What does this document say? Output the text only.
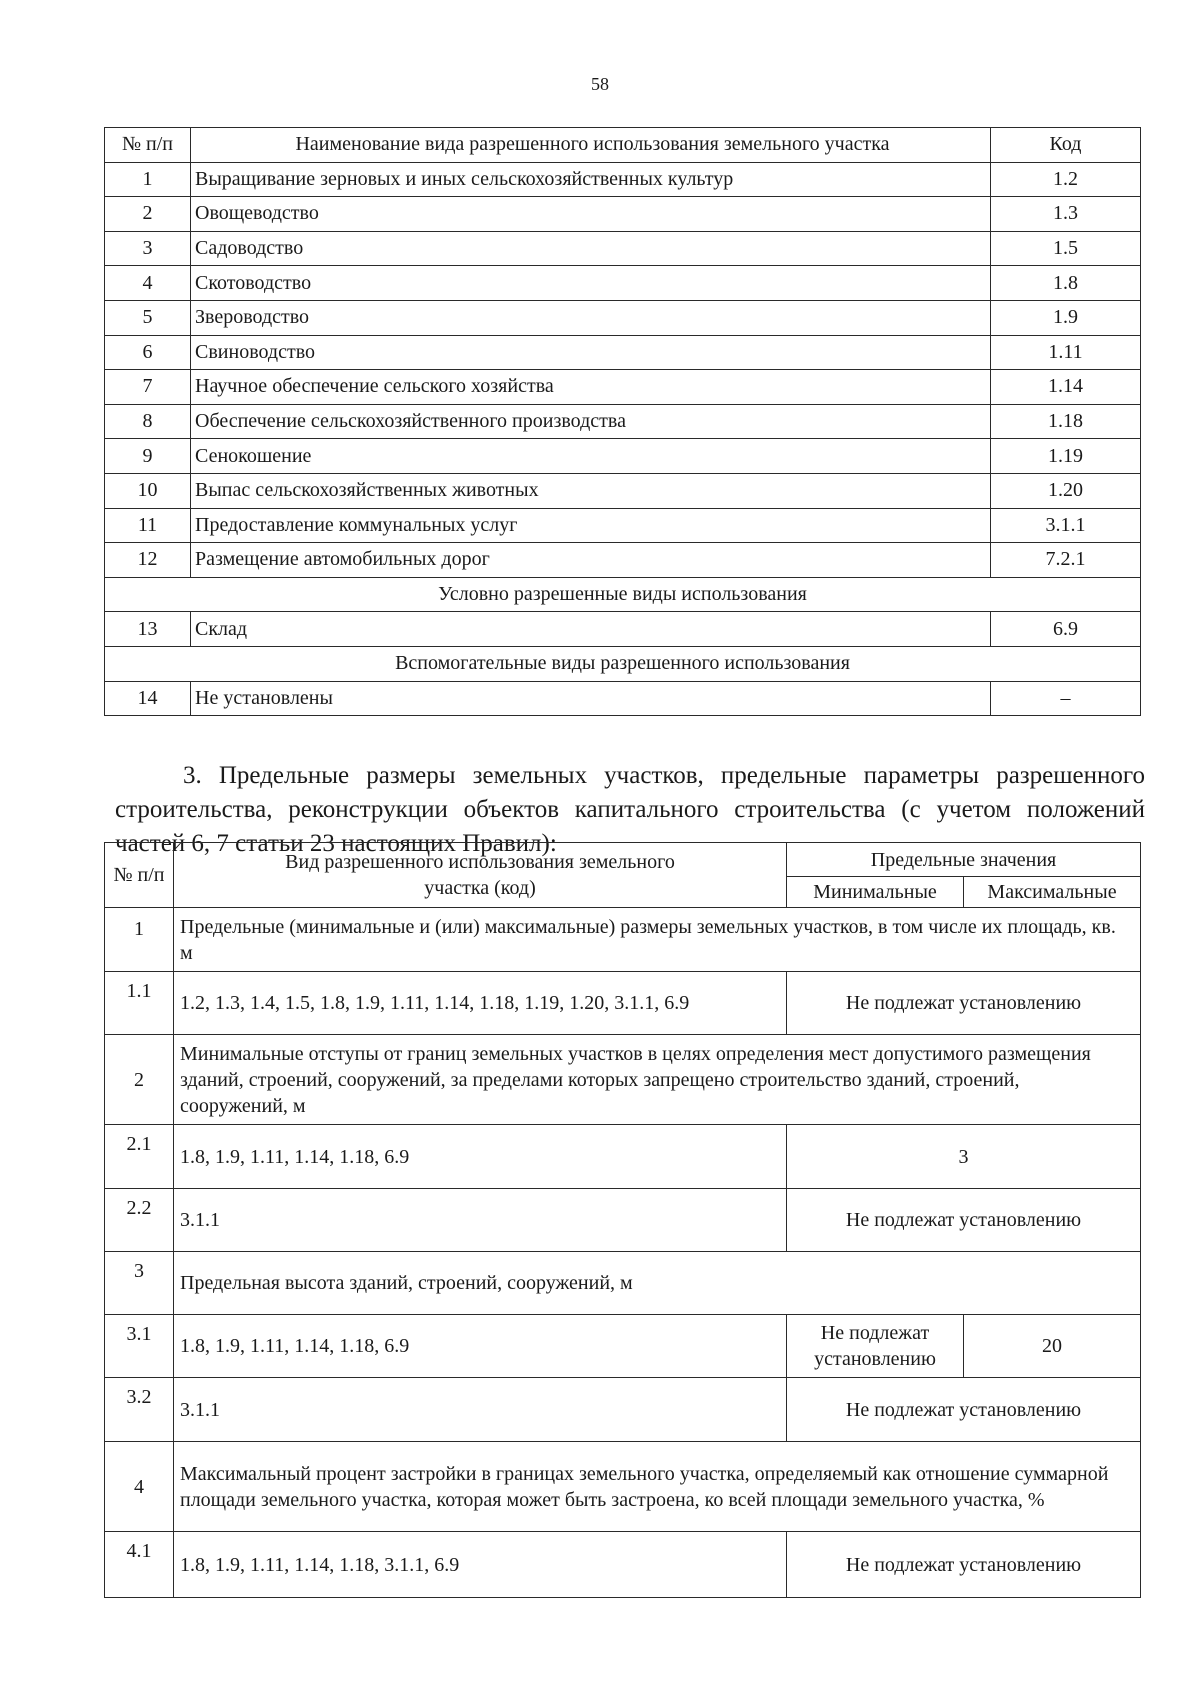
58
№ п/п	Наименование вида разрешенного использования земельного участка	Код
1	Выращивание зерновых и иных сельскохозяйственных культур	1.2
2	Овощеводство	1.3
3	Садоводство	1.5
4	Скотоводство	1.8
5	Звероводство	1.9
6	Свиноводство	1.11
7	Научное обеспечение сельского хозяйства	1.14
8	Обеспечение сельскохозяйственного производства	1.18
9	Сенокошение	1.19
10	Выпас сельскохозяйственных животных	1.20
11	Предоставление коммунальных услуг	3.1.1
12	Размещение автомобильных дорог	7.2.1
Условно разрешенные виды использования		
13	Склад	6.9
Вспомогательные виды разрешенного использования		
14	Не установлены	–

3. Предельные размеры земельных участков, предельные параметры разрешенного строительства, реконструкции объектов капитального строительства (с учетом положений частей 6, 7 статьи 23 настоящих Правил):

№ п/п	Вид разрешенного использования земельного участка (код)	Предельные значения	
		Минимальные	Максимальные
1	Предельные (минимальные и (или) максимальные) размеры земельных участков, в том числе их площадь, кв. м		
1.1	1.2, 1.3, 1.4, 1.5, 1.8, 1.9, 1.11, 1.14, 1.18, 1.19, 1.20, 3.1.1, 6.9	Не подлежат установлению	
2	Минимальные отступы от границ земельных участков в целях определения мест допустимого размещения зданий, строений, сооружений, за пределами которых запрещено строительство зданий, строений, сооружений, м		
2.1	1.8, 1.9, 1.11, 1.14, 1.18, 6.9	3	
2.2	3.1.1	Не подлежат установлению	
3	Предельная высота зданий, строений, сооружений, м		
3.1	1.8, 1.9, 1.11, 1.14, 1.18, 6.9	Не подлежат установлению	20
3.2	3.1.1	Не подлежат установлению	
4	Максимальный процент застройки в границах земельного участка, определяемый как отношение суммарной площади земельного участка, которая может быть застроена, ко всей площади земельного участка, %		
4.1	1.8, 1.9, 1.11, 1.14, 1.18, 3.1.1, 6.9	Не подлежат установлению	
